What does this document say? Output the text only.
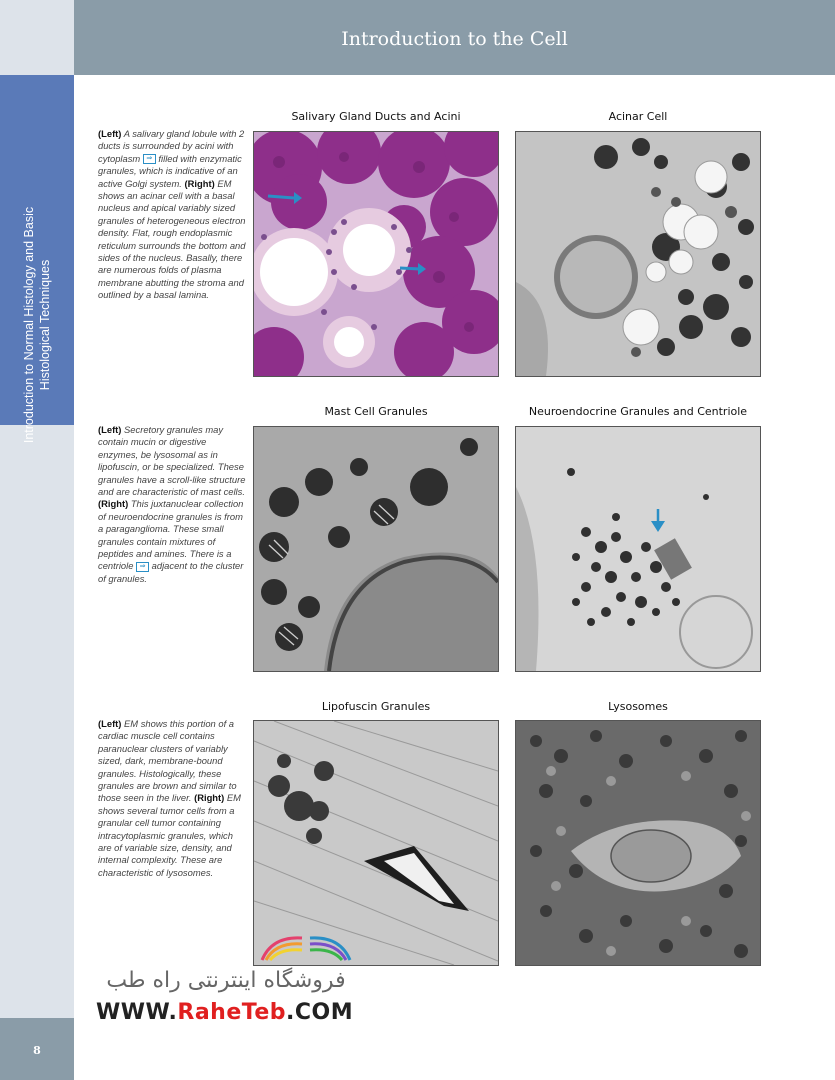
Introduction to the Cell
Introduction to Normal Histology and Basic Histological Techniques
8
(Left) A salivary gland lobule with 2 ducts is surrounded by acini with cytoplasm ⇒ filled with enzymatic granules, which is indicative of an active Golgi system. (Right) EM shows an acinar cell with a basal nucleus and apical variably sized granules of heterogeneous electron density. Flat, rough endoplasmic reticulum surrounds the bottom and sides of the nucleus. Basally, there are numerous folds of plasma membrane abutting the stroma and outlined by a basal lamina.
Salivary Gland Ducts and Acini	Acinar Cell
(Left) Secretory granules may contain mucin or digestive enzymes, be lysosomal as in lipofuscin, or be specialized. These granules have a scroll-like structure and are characteristic of mast cells. (Right) This juxtanuclear collection of neuroendocrine granules is from a paraganglioma. These small granules contain mixtures of peptides and amines. There is a centriole ⇒ adjacent to the cluster of granules.
Mast Cell Granules	Neuroendocrine Granules and Centriole
(Left) EM shows this portion of a cardiac muscle cell contains paranuclear clusters of variably sized, dark, membrane-bound granules. Histologically, these granules are brown and similar to those seen in the liver. (Right) EM shows several tumor cells from a granular cell tumor containing intracytoplasmic granules, which are of variable size, density, and internal complexity. These are characteristic of lysosomes.
Lipofuscin Granules	Lysosomes
فروشگاه اینترنتی راه طب
WWW.RaheTeb.COM
